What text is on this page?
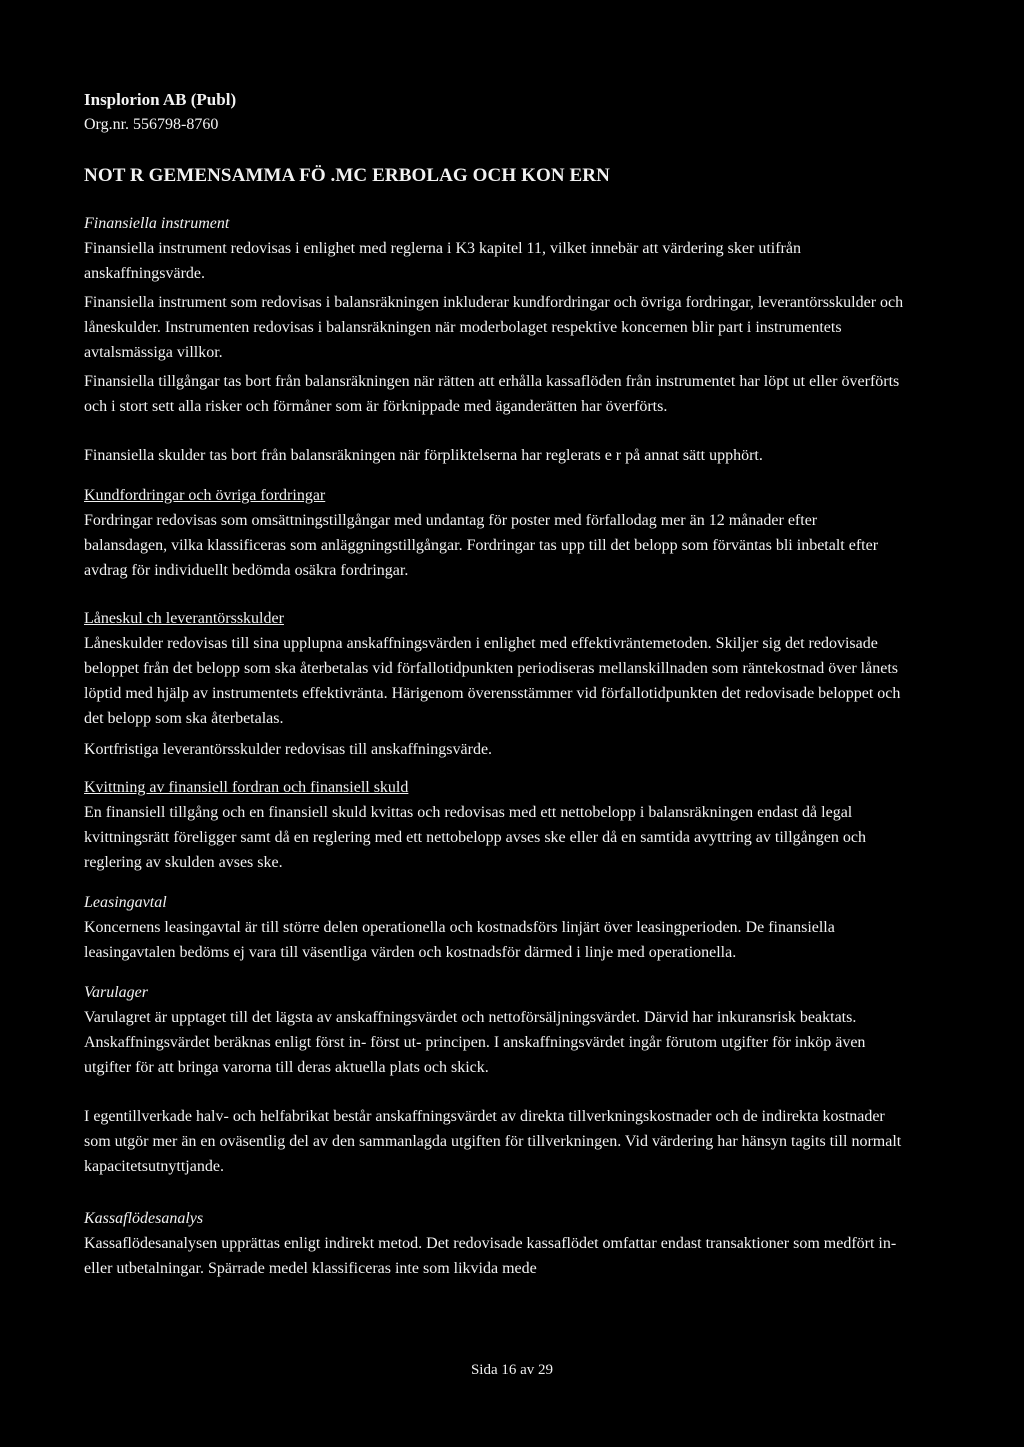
Insplorion AB (Publ)
Org.nr. 556798-8760
NOT R GEMENSAMMA FÖ .MC ERBOLAG OCH KON ERN
Finansiella instrument

Finansiella instrument redovisas i enlighet med reglerna i K3 kapitel 11, vilket innebär att värdering sker utifrån anskaffningsvärde.

Finansiella instrument som redovisas i balansräkningen inkluderar kundfordringar och övriga fordringar, leverantörsskulder och låneskulder. Instrumenten redovisas i balansräkningen när moderbolaget respektive koncernen blir part i instrumentets avtalsmässiga villkor.

Finansiella tillgångar tas bort från balansräkningen när rätten att erhålla kassaflöden från instrumentet har löpt ut eller överförts och i stort sett alla risker och förmåner som är förknippade med äganderätten har överförts.

Finansiella skulder tas bort från balansräkningen när förpliktelserna har reglerats e r på annat sätt upphört.

Kundfordringar och övriga fordringar

Fordringar redovisas som omsättningstillgångar med undantag för poster med förfallodag mer än 12 månader efter balansdagen, vilka klassificeras som anläggningstillgångar. Fordringar tas upp till det belopp som förväntas bli inbetalt efter avdrag för individuellt bedömda osäkra fordringar.

Låneskul ch leverantörsskulder

Låneskulder redovisas till sina upplupna anskaffningsvärden i enlighet med effektivräntemetoden. Skiljer sig det redovisade beloppet från det belopp som ska återbetalas vid förfallotidpunkten periodiseras mellanskillnaden som räntekostnad över lånets löptid med hjälp av instrumentets effektivränta. Härigenom överensstämmer vid förfallotidpunkten det redovisade beloppet och det belopp som ska återbetalas.

Kortfristiga leverantörsskulder redovisas till anskaffningsvärde.

Kvittning av finansiell fordran och finansiell skuld

En finansiell tillgång och en finansiell skuld kvittas och redovisas med ett nettobelopp i balansräkningen endast då legal kvittningsrätt föreligger samt då en reglering med ett nettobelopp avses ske eller då en samtida avyttring av tillgången och reglering av skulden avses ske.

Leasingavtal

Koncernens leasingavtal är till större delen operationella och kostnadsförs linjärt över leasingperioden. De finansiella leasingavtalen bedöms ej vara till väsentliga värden och kostnadsför därmed i linje med operationella.

Varulager

Varulagret är upptaget till det lägsta av anskaffningsvärdet och nettoförsäljningsvärdet. Därvid har inkuransrisk beaktats. Anskaffningsvärdet beräknas enligt först in- först ut- principen. I anskaffningsvärdet ingår förutom utgifter för inköp även utgifter för att bringa varorna till deras aktuella plats och skick.

I egentillverkade halv- och helfabrikat består anskaffningsvärdet av direkta tillverkningskostnader och de indirekta kostnader som utgör mer än en oväsentlig del av den sammanlagda utgiften för tillverkningen. Vid värdering har hänsyn tagits till normalt kapacitetsutnyttjande.

Kassaflödesanalys

Kassaflödesanalysen upprättas enligt indirekt metod. Det redovisade kassaflödet omfattar endast transaktioner som medfört in- eller utbetalningar. Spärrade medel klassificeras inte som likvida mede

Sida 16 av 29
